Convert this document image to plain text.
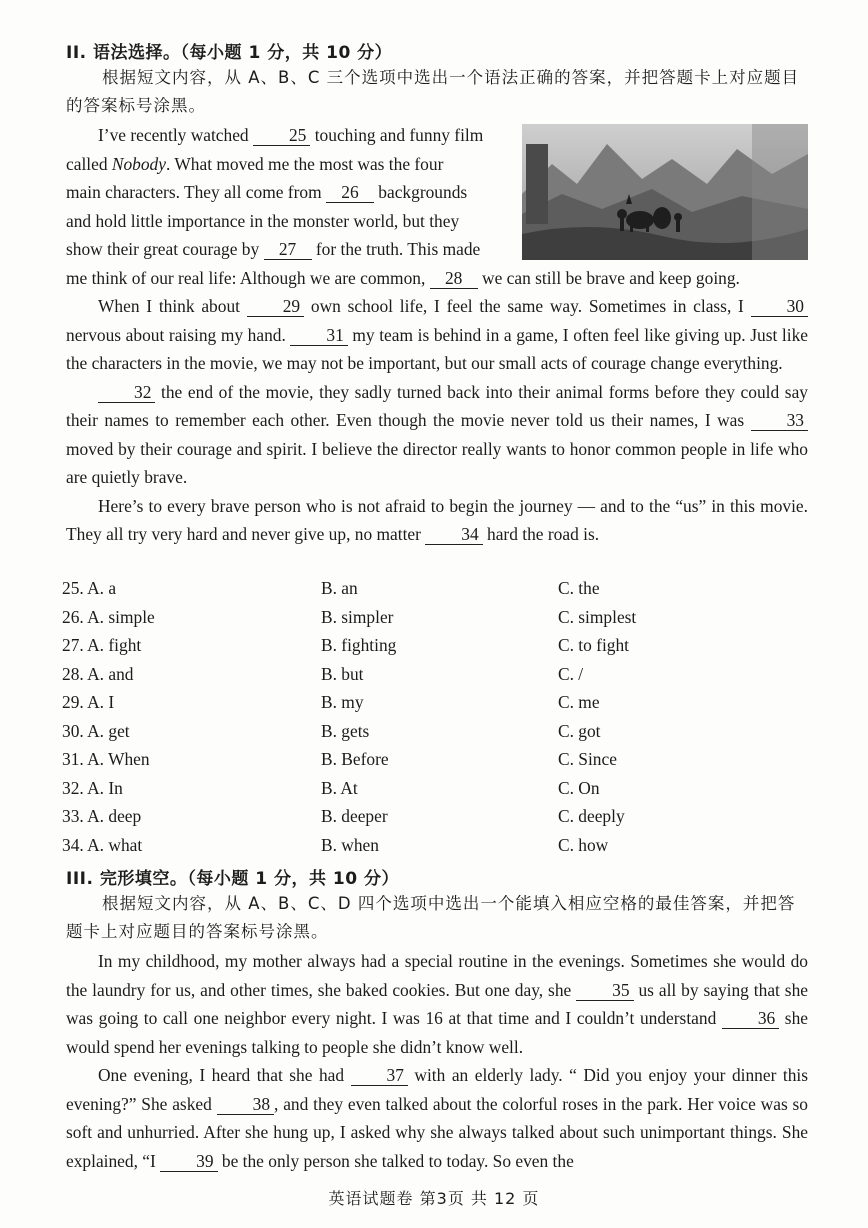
II. 语法选择。（每小题 1 分，共 10 分）
根据短文内容，从 A、B、C 三个选项中选出一个语法正确的答案，并把答题卡上对应题目的答案标号涂黑。

I’ve recently watched 25 touching and funny film

called Nobody. What moved me the most was the four

main characters. They all come from 26 backgrounds

and hold little importance in the monster world, but they

show their great courage by 27 for the truth. This made

me think of our real life: Although we are common, 28 we can still be brave and keep going.

When I think about 29 own school life, I feel the same way. Sometimes in class, I 30 nervous about raising my hand. 31 my team is behind in a game, I often feel like giving up. Just like the characters in the movie, we may not be important, but our small acts of courage change everything.

32 the end of the movie, they sadly turned back into their animal forms before they could say their names to remember each other. Even though the movie never told us their names, I was 33 moved by their courage and spirit. I believe the director really wants to honor common people in life who are quietly brave.

Here’s to every brave person who is not afraid to begin the journey — and to the “us” in this movie. They all try very hard and never give up, no matter 34 hard the road is.

25. A. a	B. an	C. the
26. A. simple	B. simpler	C. simplest
27. A. fight	B. fighting	C. to fight
28. A. and	B. but	C. /
29. A. I	B. my	C. me
30. A. get	B. gets	C. got
31. A. When	B. Before	C. Since
32. A. In	B. At	C. On
33. A. deep	B. deeper	C. deeply
34. A. what	B. when	C. how
III. 完形填空。（每小题 1 分，共 10 分）
根据短文内容，从 A、B、C、D 四个选项中选出一个能填入相应空格的最佳答案，并把答题卡上对应题目的答案标号涂黑。

In my childhood, my mother always had a special routine in the evenings. Sometimes she would do the laundry for us, and other times, she baked cookies. But one day, she 35 us all by saying that she was going to call one neighbor every night. I was 16 at that time and I couldn’t understand 36 she would spend her evenings talking to people she didn’t know well.

One evening, I heard that she had 37 with an elderly lady. “ Did you enjoy your dinner this evening?” She asked 38 , and they even talked about the colorful roses in the park. Her voice was so soft and unhurried. After she hung up, I asked why she always talked about such unimportant things. She explained, “I 39 be the only person she talked to today. So even the

英语试题卷 第3页 共 12 页
